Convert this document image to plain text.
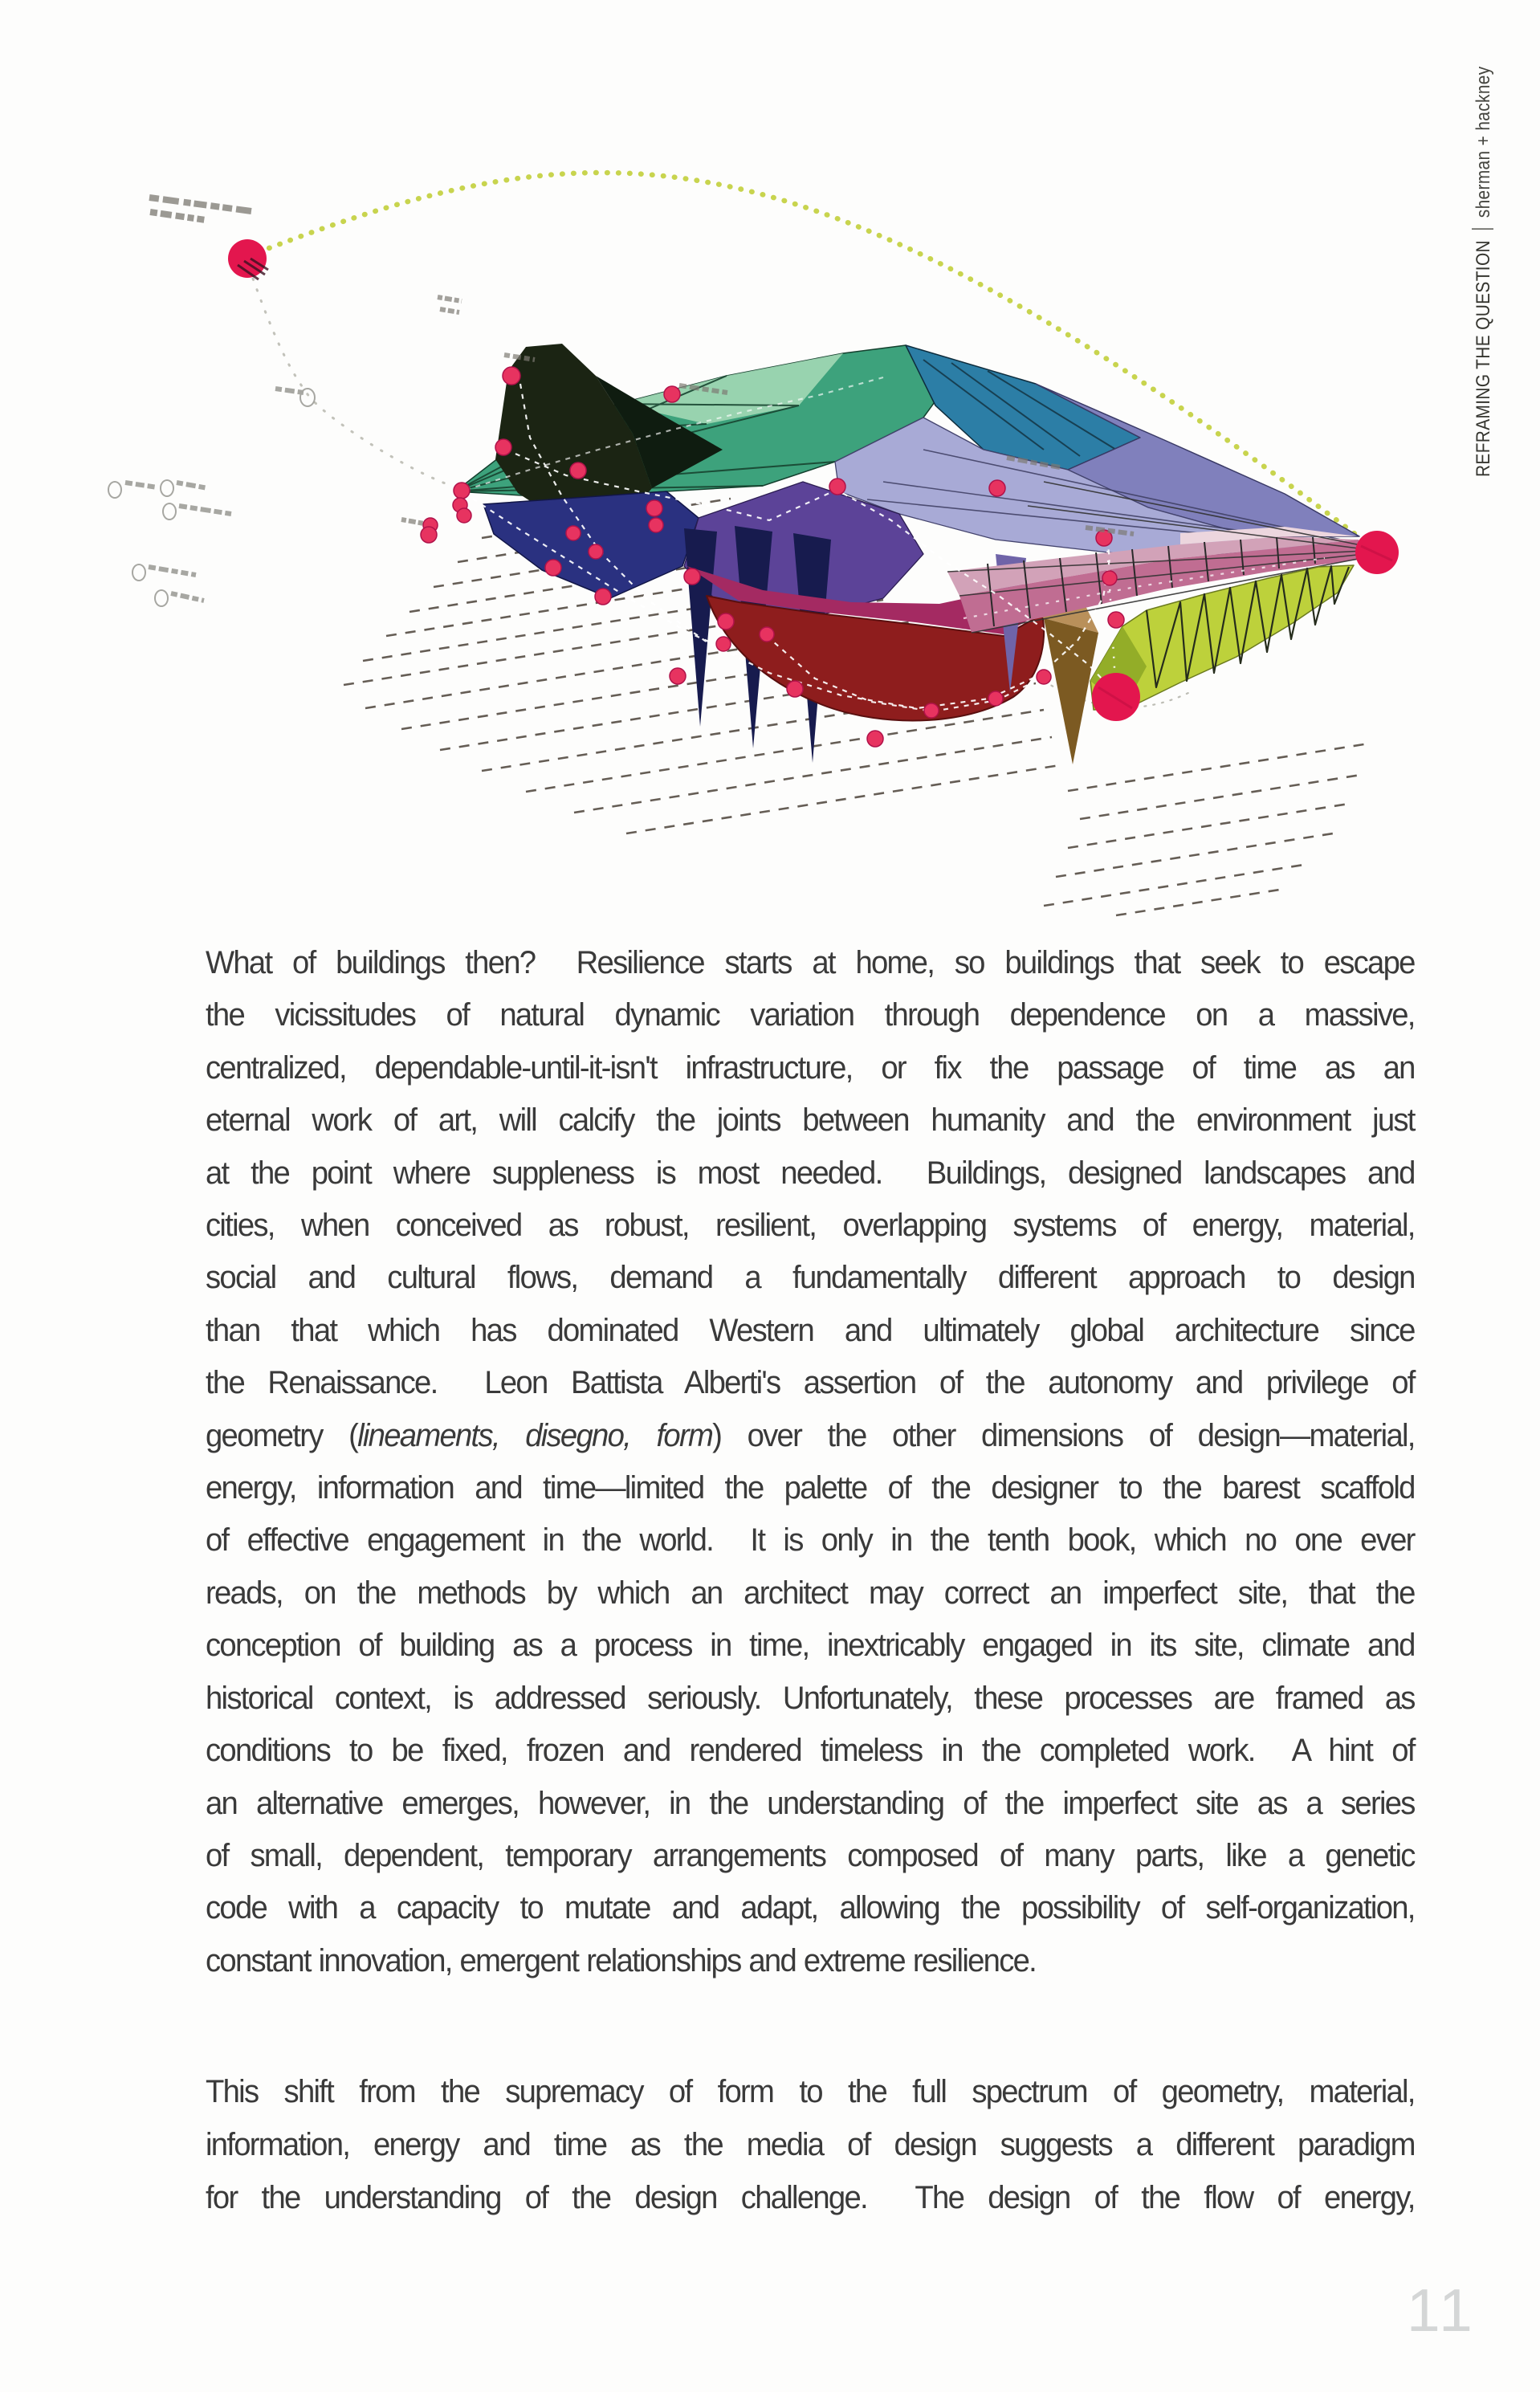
What of buildings then?  Resilience starts at home, so buildings that seek to escape
the vicissitudes of natural dynamic variation through dependence on a massive,
centralized, dependable-until-it-isn't infrastructure, or fix the passage of time as an
eternal work of art, will calcify the joints between humanity and the environment just
at the point where suppleness is most needed.  Buildings, designed landscapes and
cities, when conceived as robust, resilient, overlapping systems of energy, material,
social and cultural flows, demand a fundamentally different approach to design
than that which has dominated Western and ultimately global architecture since
the Renaissance.  Leon Battista Alberti's assertion of the autonomy and privilege of
geometry (lineaments, disegno, form) over the other dimensions of design—material,
energy, information and time—limited the palette of the designer to the barest scaffold
of effective engagement in the world.  It is only in the tenth book, which no one ever
reads, on the methods by which an architect may correct an imperfect site, that the
conception of building as a process in time, inextricably engaged in its site, climate and
historical context, is addressed seriously. Unfortunately, these processes are framed as
conditions to be fixed, frozen and rendered timeless in the completed work.  A hint of
an alternative emerges, however, in the understanding of the imperfect site as a series
of small, dependent, temporary arrangements composed of many parts, like a genetic
code with a capacity to mutate and adapt, allowing the possibility of self-organization,
constant innovation, emergent relationships and extreme resilience.
This shift from the supremacy of form to the full spectrum of geometry, material,
information, energy and time as the media of design suggests a different paradigm
for the understanding of the design challenge.  The design of the flow of energy,
REFRAMING THE QUESTIONsherman + hackney
11
